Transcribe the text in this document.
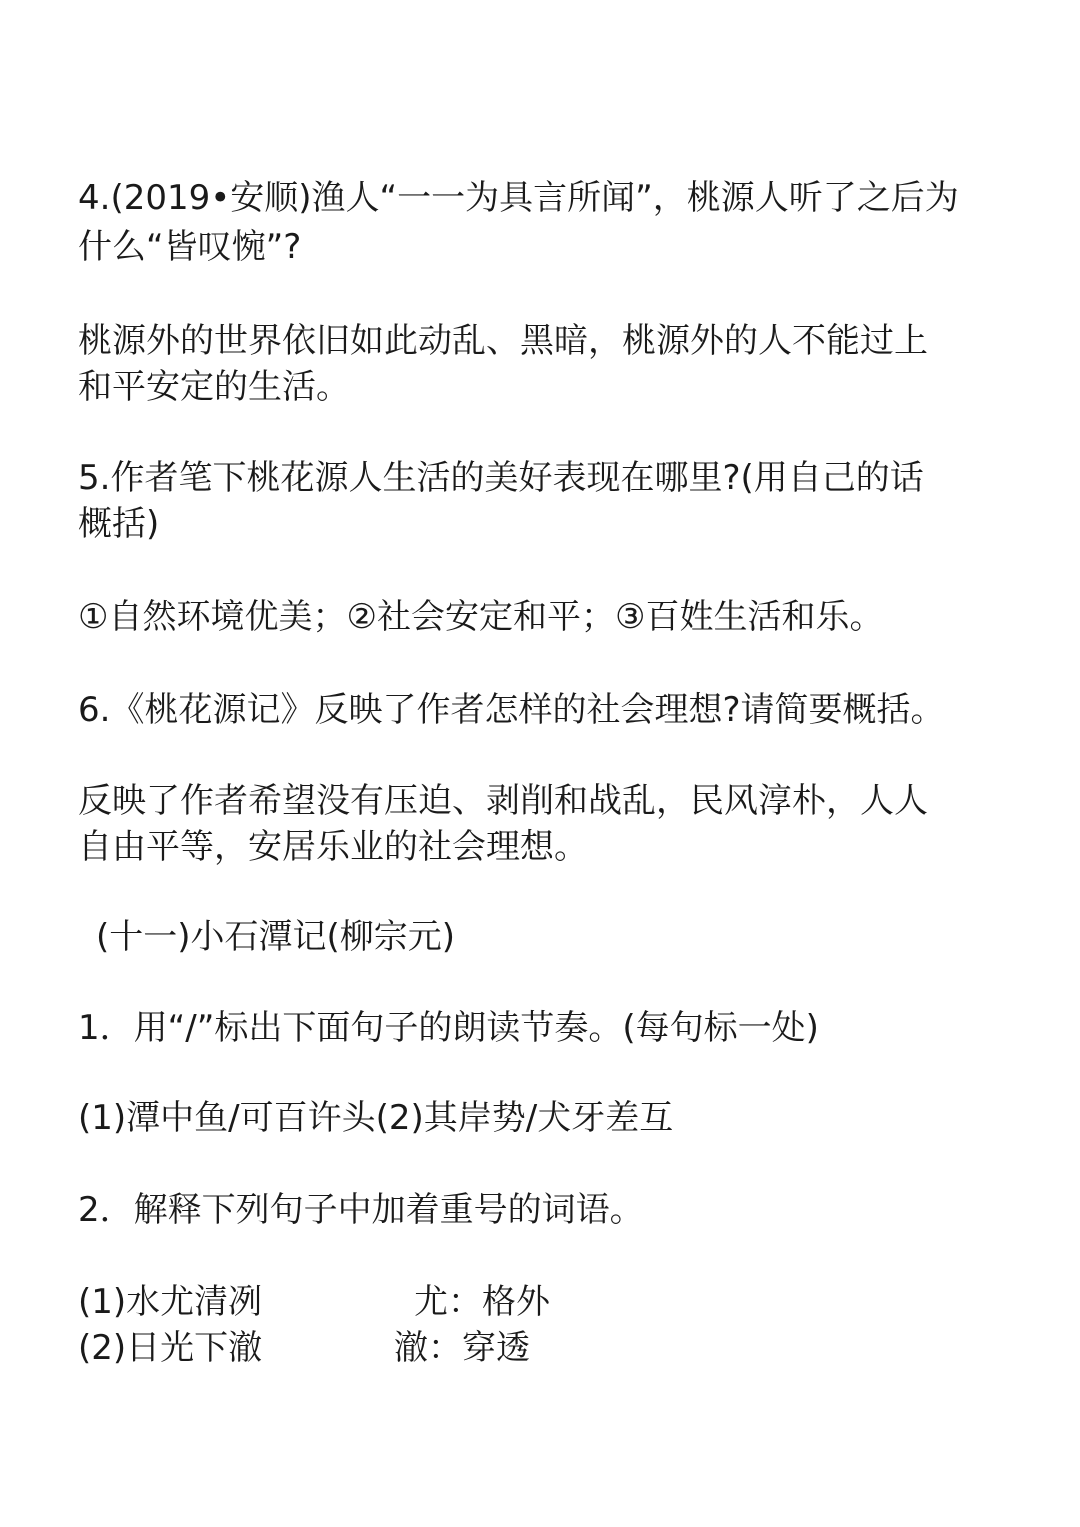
4.(2019•安顺)渔人“一一为具言所闻”，桃源人听了之后为
什么“皆叹惋”?
桃源外的世界依旧如此动乱、黑暗，桃源外的人不能过上
和平安定的生活。
5.作者笔下桃花源人生活的美好表现在哪里?(用自己的话
概括)
①自然环境优美；②社会安定和平；③百姓生活和乐。
6.《桃花源记》反映了作者怎样的社会理想?请简要概括。
反映了作者希望没有压迫、剥削和战乱，民风淳朴，人人
自由平等，安居乐业的社会理想。
(十一)小石潭记(柳宗元)
1．用“/”标出下面句子的朗读节奏。(每句标一处)
(1)潭中鱼/可百许头(2)其岸势/犬牙差互
2．解释下列句子中加着重号的词语。
(1)水尤清冽	尤：格外
(2)日光下澈	澈：穿透
